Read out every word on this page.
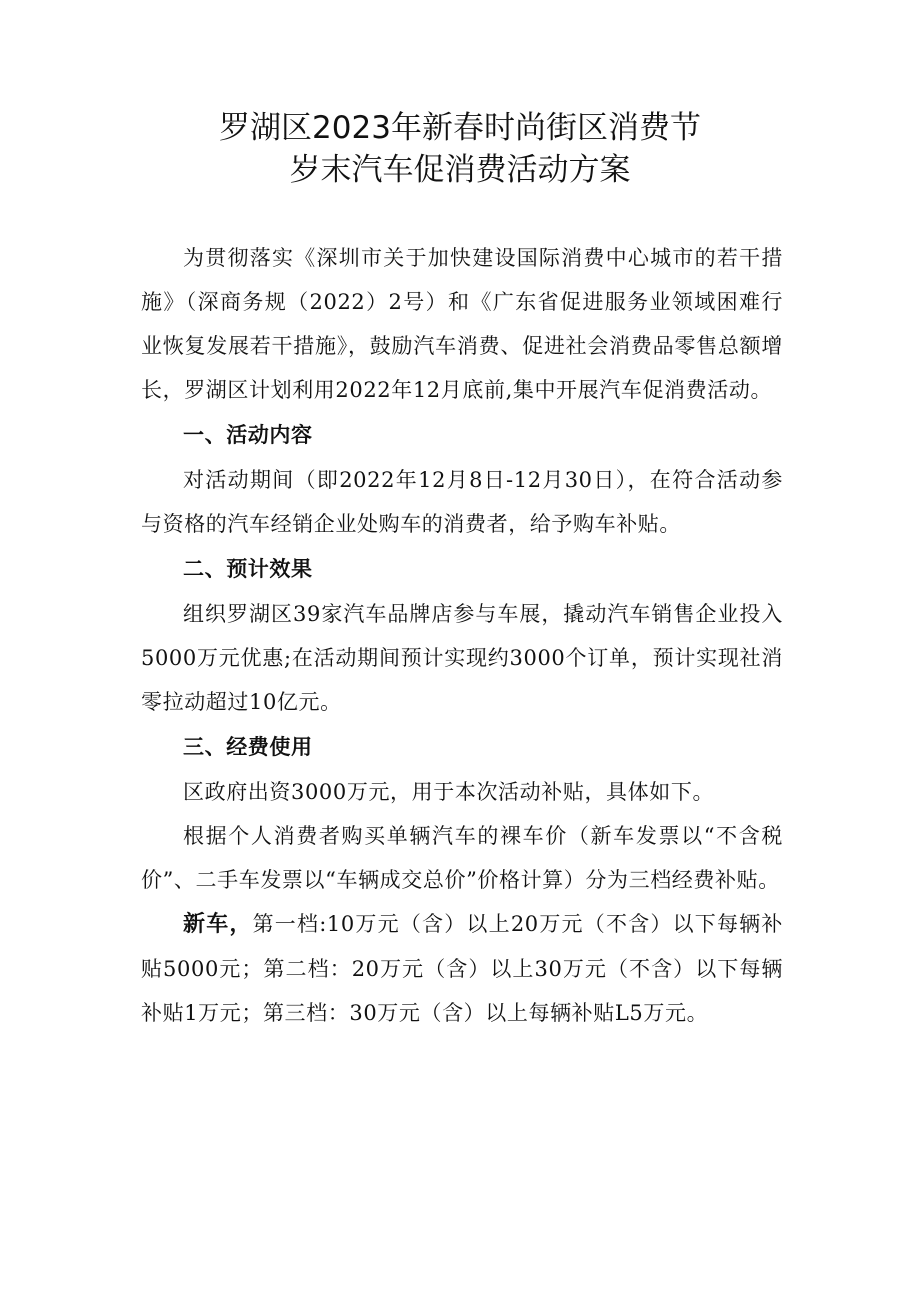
罗湖区2023年新春时尚街区消费节
岁末汽车促消费活动方案

为贯彻落实《深圳市关于加快建设国际消费中心城市的若干措施》（深商务规（2022）2号）和《广东省促进服务业领域困难行业恢复发展若干措施》，鼓励汽车消费、促进社会消费品零售总额增长，罗湖区计划利用2022年12月底前,集中开展汽车促消费活动。

一、活动内容

对活动期间（即2022年12月8日-12月30日），在符合活动参与资格的汽车经销企业处购车的消费者，给予购车补贴。

二、预计效果

组织罗湖区39家汽车品牌店参与车展，撬动汽车销售企业投入5000万元优惠;在活动期间预计实现约3000个订单，预计实现社消零拉动超过10亿元。

三、经费使用

区政府出资3000万元，用于本次活动补贴，具体如下。

根据个人消费者购买单辆汽车的裸车价（新车发票以“不含税价”、二手车发票以“车辆成交总价”价格计算）分为三档经费补贴。

新车，第一档:10万元（含）以上20万元（不含）以下每辆补贴5000元；第二档：20万元（含）以上30万元（不含）以下每辆补贴1万元；第三档：30万元（含）以上每辆补贴L5万元。
